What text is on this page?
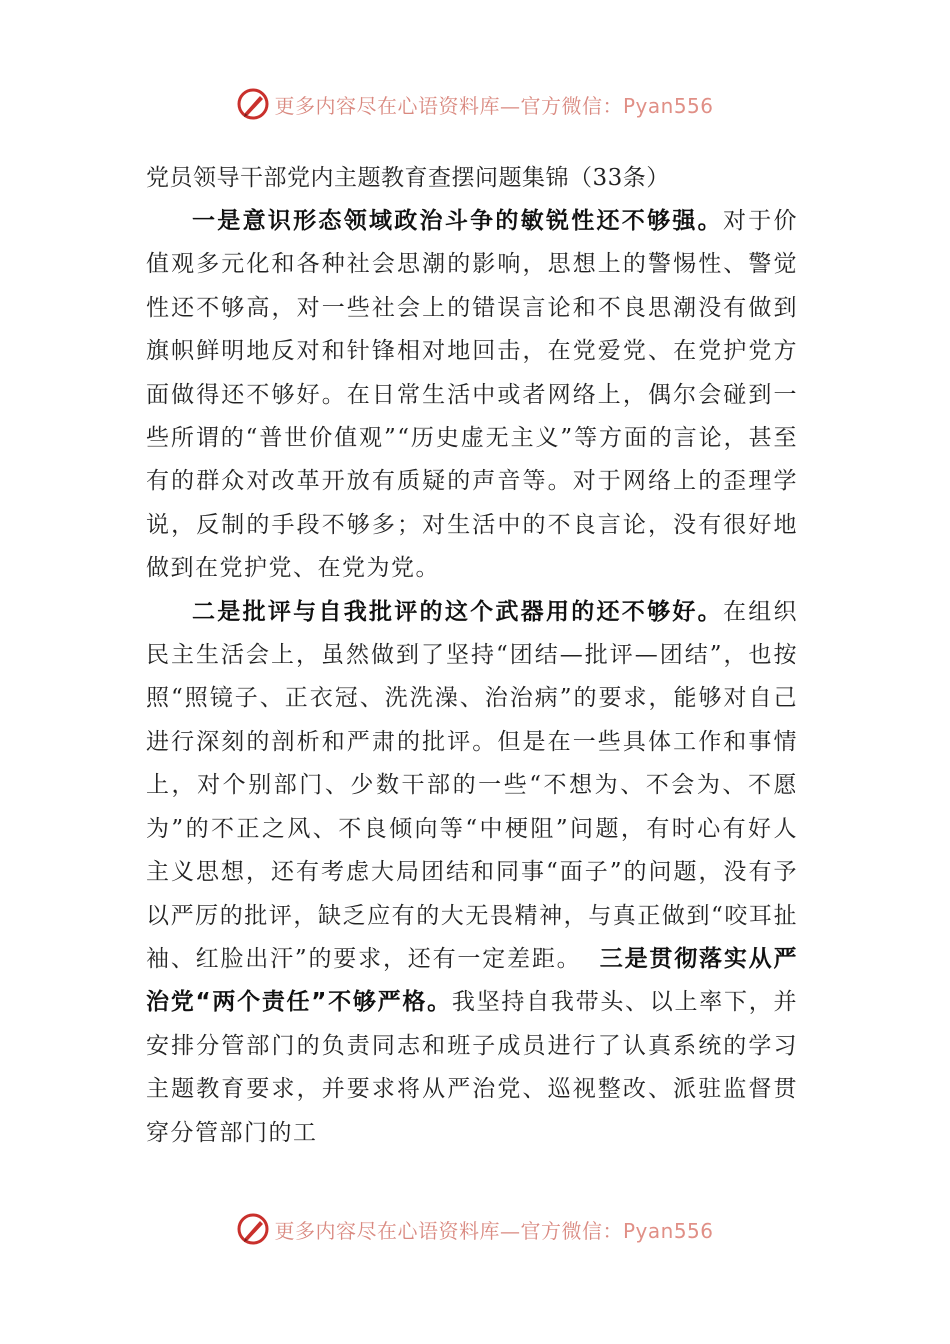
更多内容尽在心语资料库—官方微信：Pyan556
党员领导干部党内主题教育查摆问题集锦（33条）

一是意识形态领域政治斗争的敏锐性还不够强。对于价值观多元化和各种社会思潮的影响，思想上的警惕性、警觉性还不够高，对一些社会上的错误言论和不良思潮没有做到旗帜鲜明地反对和针锋相对地回击，在党爱党、在党护党方面做得还不够好。在日常生活中或者网络上，偶尔会碰到一些所谓的“普世价值观”“历史虚无主义”等方面的言论，甚至有的群众对改革开放有质疑的声音等。对于网络上的歪理学说，反制的手段不够多；对生活中的不良言论，没有很好地做到在党护党、在党为党。

二是批评与自我批评的这个武器用的还不够好。在组织民主生活会上，虽然做到了坚持“团结—批评—团结”，也按照“照镜子、正衣冠、洗洗澡、治治病”的要求，能够对自己进行深刻的剖析和严肃的批评。但是在一些具体工作和事情上，对个别部门、少数干部的一些“不想为、不会为、不愿为”的不正之风、不良倾向等“中梗阻”问题，有时心有好人主义思想，还有考虑大局团结和同事“面子”的问题，没有予以严厉的批评，缺乏应有的大无畏精神，与真正做到“咬耳扯袖、红脸出汗”的要求，还有一定差距。 三是贯彻落实从严治党“两个责任”不够严格。我坚持自我带头、以上率下，并安排分管部门的负责同志和班子成员进行了认真系统的学习主题教育要求，并要求将从严治党、巡视整改、派驻监督贯穿分管部门的工

更多内容尽在心语资料库—官方微信：Pyan556
